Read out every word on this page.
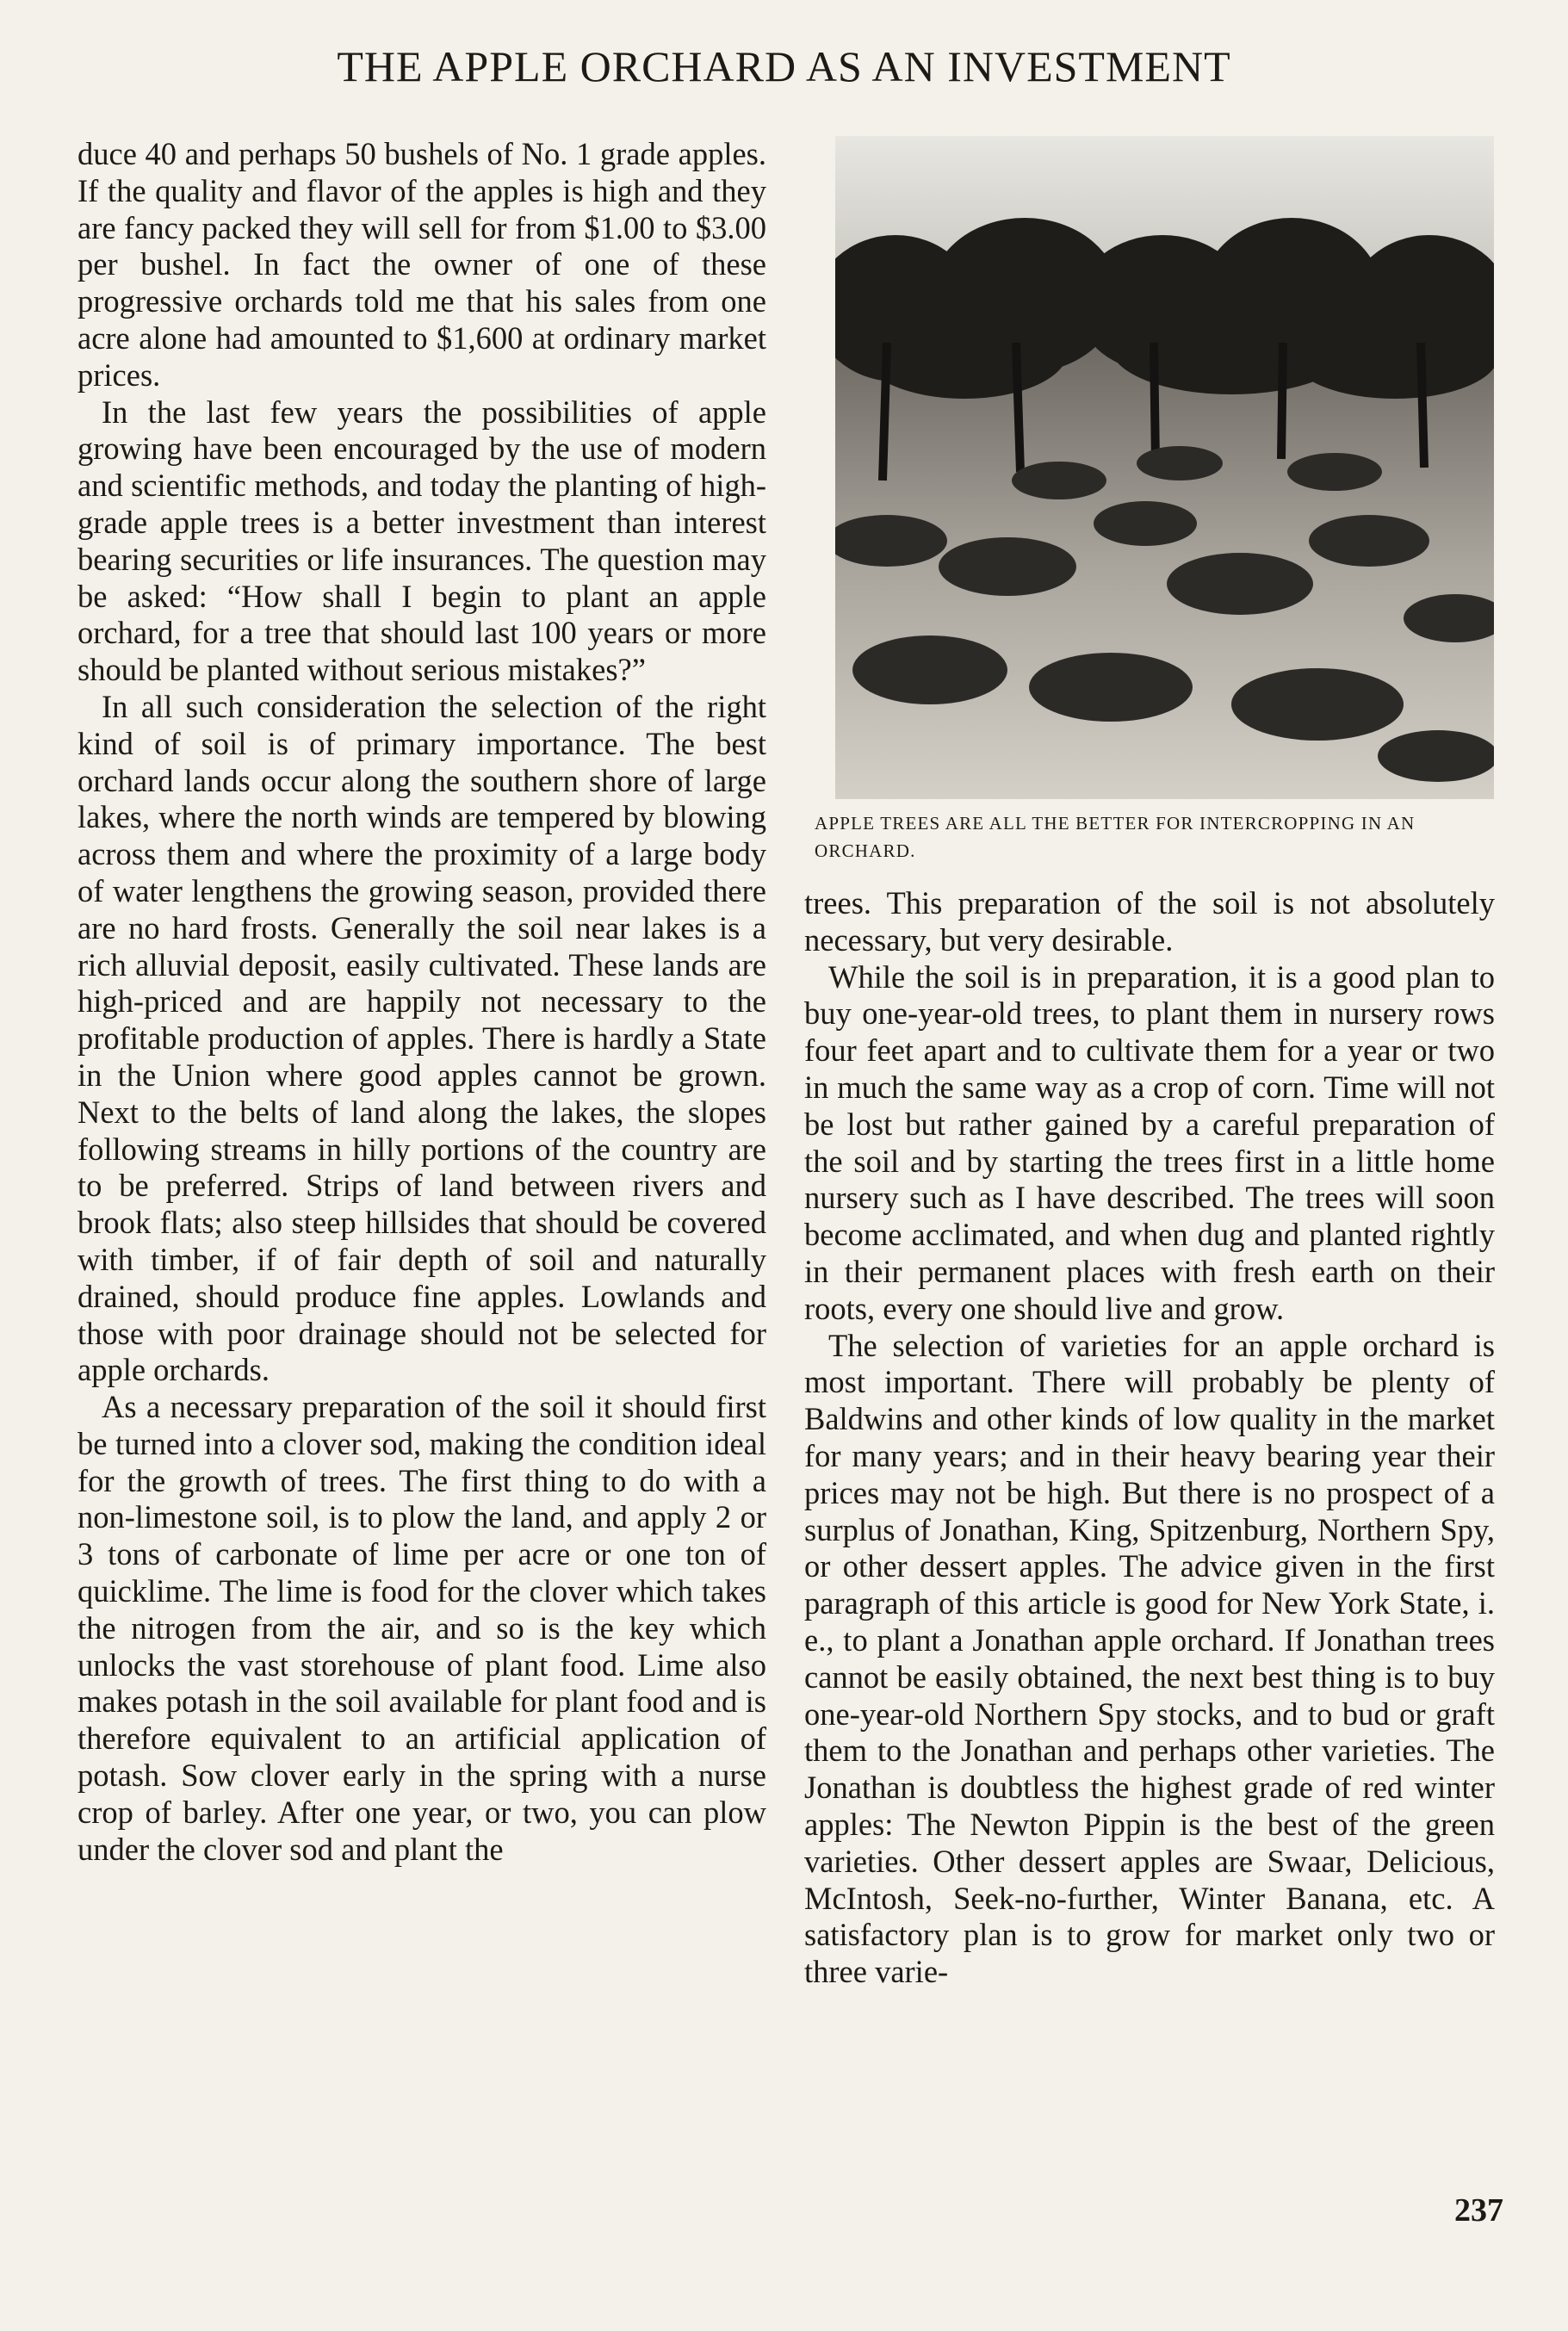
THE APPLE ORCHARD AS AN INVESTMENT

duce 40 and perhaps 50 bushels of No. 1 grade apples. If the quality and flavor of the apples is high and they are fancy packed they will sell for from $1.00 to $3.00 per bushel. In fact the owner of one of these progressive orchards told me that his sales from one acre alone had amounted to $1,600 at ordinary market prices.

In the last few years the possibilities of apple growing have been encouraged by the use of modern and scientific methods, and today the planting of high-grade apple trees is a better investment than interest bearing securities or life insurances. The question may be asked: “How shall I begin to plant an apple orchard, for a tree that should last 100 years or more should be planted without serious mistakes?”

In all such consideration the selection of the right kind of soil is of primary importance. The best orchard lands occur along the southern shore of large lakes, where the north winds are tempered by blowing across them and where the proximity of a large body of water lengthens the growing season, provided there are no hard frosts. Generally the soil near lakes is a rich alluvial deposit, easily cultivated. These lands are high-priced and are happily not necessary to the profitable production of apples. There is hardly a State in the Union where good apples cannot be grown. Next to the belts of land along the lakes, the slopes following streams in hilly portions of the country are to be preferred. Strips of land between rivers and brook flats; also steep hillsides that should be covered with timber, if of fair depth of soil and naturally drained, should produce fine apples. Lowlands and those with poor drainage should not be selected for apple orchards.

As a necessary preparation of the soil it should first be turned into a clover sod, making the condition ideal for the growth of trees. The first thing to do with a non-limestone soil, is to plow the land, and apply 2 or 3 tons of carbonate of lime per acre or one ton of quicklime. The lime is food for the clover which takes the nitrogen from the air, and so is the key which unlocks the vast storehouse of plant food. Lime also makes potash in the soil available for plant food and is therefore equivalent to an artificial application of potash. Sow clover early in the spring with a nurse crop of barley. After one year, or two, you can plow under the clover sod and plant the

APPLE TREES ARE ALL THE BETTER FOR INTERCROPPING IN AN ORCHARD.

trees. This preparation of the soil is not absolutely necessary, but very desirable.

While the soil is in preparation, it is a good plan to buy one-year-old trees, to plant them in nursery rows four feet apart and to cultivate them for a year or two in much the same way as a crop of corn. Time will not be lost but rather gained by a careful preparation of the soil and by starting the trees first in a little home nursery such as I have described. The trees will soon become acclimated, and when dug and planted rightly in their permanent places with fresh earth on their roots, every one should live and grow.

The selection of varieties for an apple orchard is most important. There will probably be plenty of Baldwins and other kinds of low quality in the market for many years; and in their heavy bearing year their prices may not be high. But there is no prospect of a surplus of Jonathan, King, Spitzenburg, Northern Spy, or other dessert apples. The advice given in the first paragraph of this article is good for New York State, i. e., to plant a Jonathan apple orchard. If Jonathan trees cannot be easily obtained, the next best thing is to buy one-year-old Northern Spy stocks, and to bud or graft them to the Jonathan and perhaps other varieties. The Jonathan is doubtless the highest grade of red winter apples: The Newton Pippin is the best of the green varieties. Other dessert apples are Swaar, Delicious, McIntosh, Seek-no-further, Winter Banana, etc. A satisfactory plan is to grow for market only two or three varie-

237
